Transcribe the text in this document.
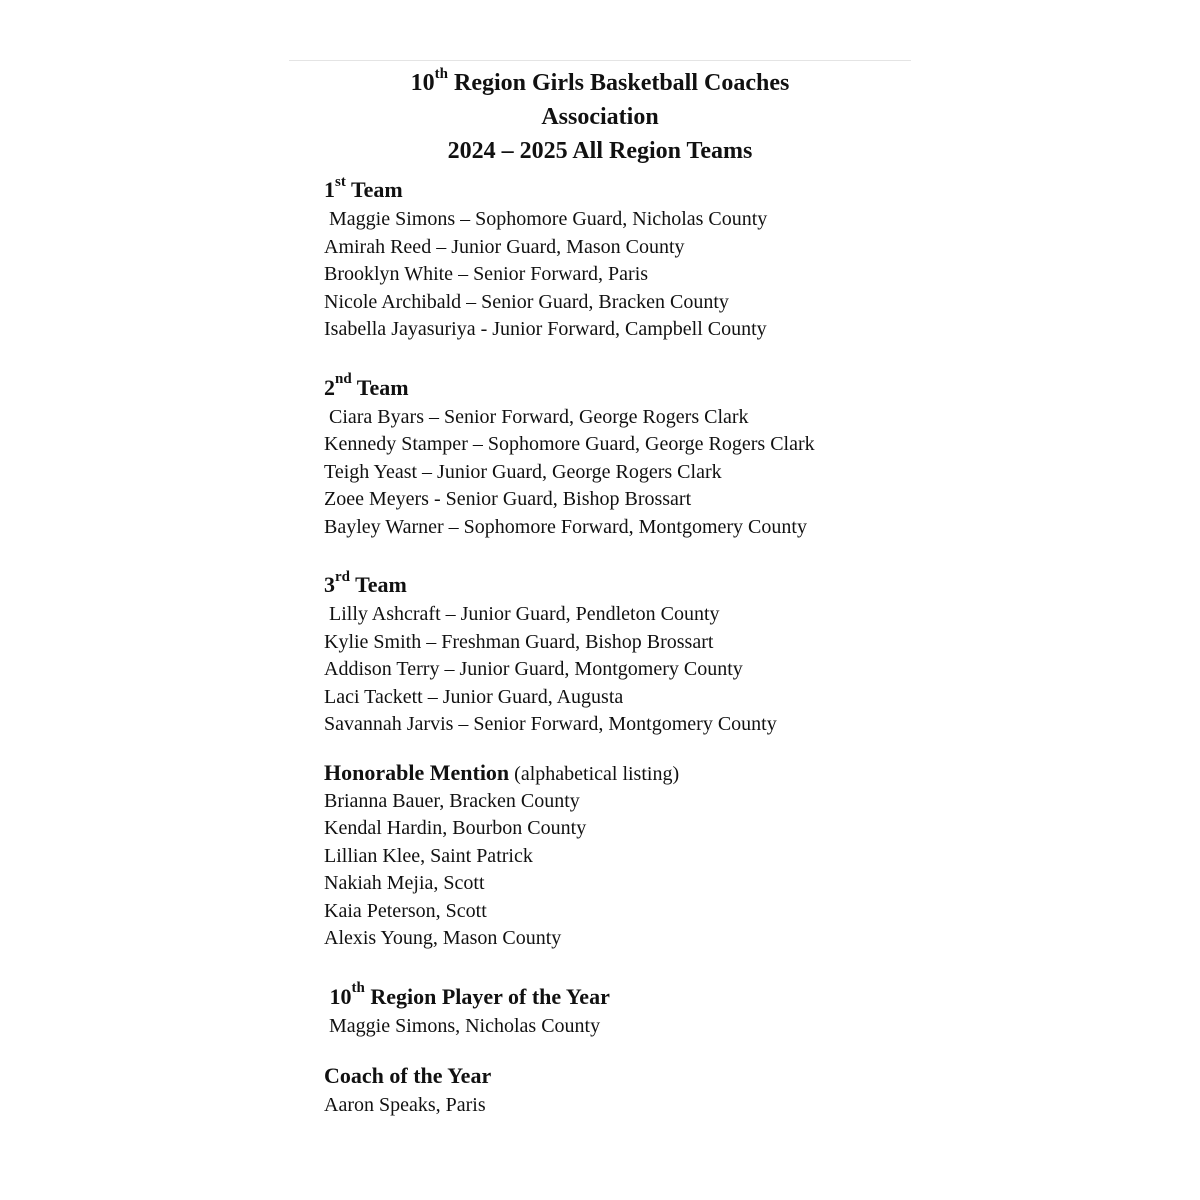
10th Region Girls Basketball Coaches
Association
2024 – 2025 All Region Teams
1st Team
Maggie Simons – Sophomore Guard, Nicholas County
Amirah Reed – Junior Guard, Mason County
Brooklyn White – Senior Forward, Paris
Nicole Archibald – Senior Guard, Bracken County
Isabella Jayasuriya - Junior Forward, Campbell County
2nd Team
Ciara Byars – Senior Forward, George Rogers Clark
Kennedy Stamper – Sophomore Guard, George Rogers Clark
Teigh Yeast – Junior Guard, George Rogers Clark
Zoee Meyers - Senior Guard, Bishop Brossart
Bayley Warner – Sophomore Forward, Montgomery County
3rd Team
Lilly Ashcraft – Junior Guard, Pendleton County
Kylie Smith – Freshman Guard, Bishop Brossart
Addison Terry – Junior Guard, Montgomery County
Laci Tackett – Junior Guard, Augusta
Savannah Jarvis – Senior Forward, Montgomery County
Honorable Mention (alphabetical listing)
Brianna Bauer, Bracken County
Kendal Hardin, Bourbon County
Lillian Klee, Saint Patrick
Nakiah Mejia, Scott
Kaia Peterson, Scott
Alexis Young, Mason County
10th Region Player of the Year
Maggie Simons, Nicholas County
Coach of the Year
Aaron Speaks, Paris
